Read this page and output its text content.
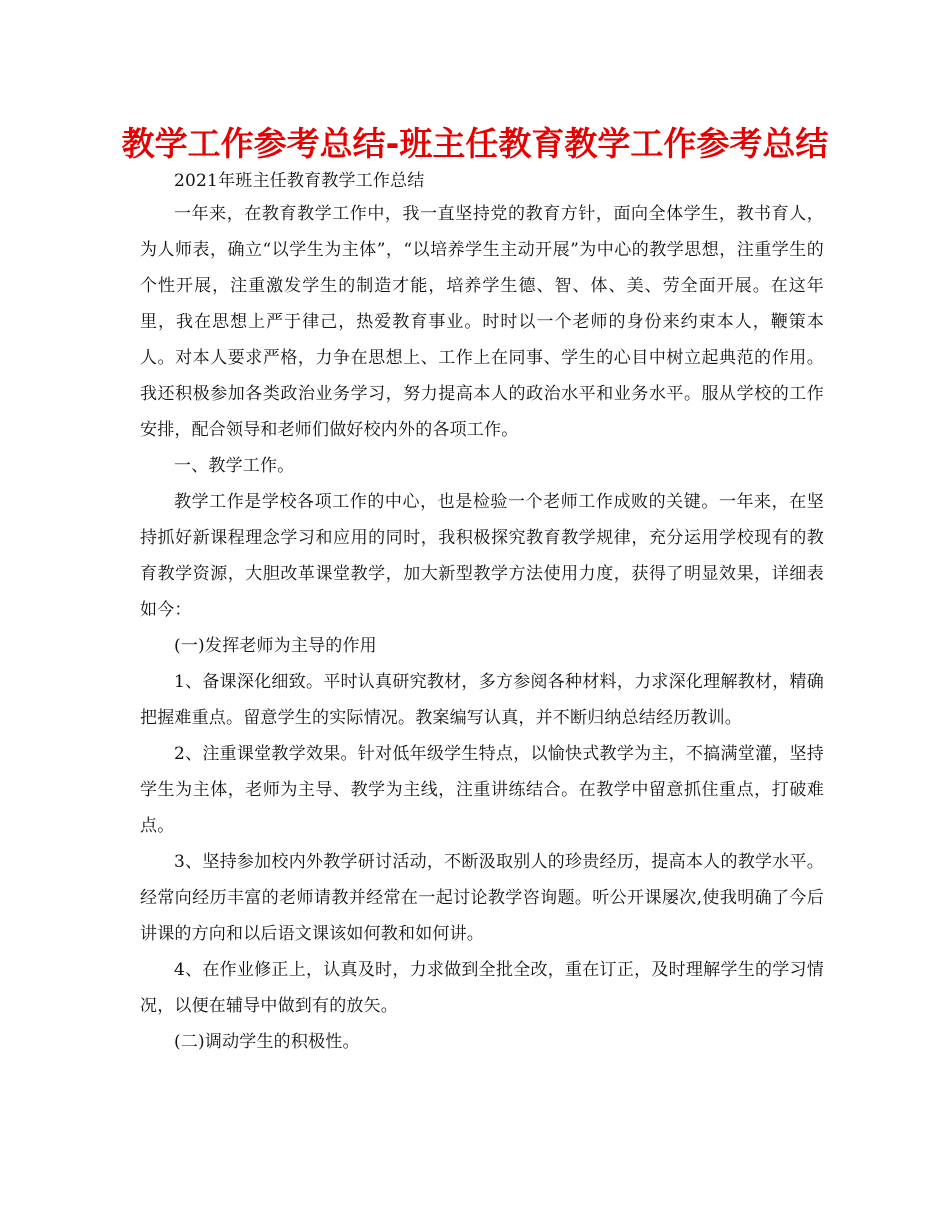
教学工作参考总结-班主任教育教学工作参考总结

2021年班主任教育教学工作总结

一年来，在教育教学工作中，我一直坚持党的教育方针，面向全体学生，教书育人，为人师表，确立“以学生为主体”，“以培养学生主动开展”为中心的教学思想，注重学生的个性开展，注重激发学生的制造才能，培养学生德、智、体、美、劳全面开展。在这年里，我在思想上严于律己，热爱教育事业。时时以一个老师的身份来约束本人，鞭策本人。对本人要求严格，力争在思想上、工作上在同事、学生的心目中树立起典范的作用。我还积极参加各类政治业务学习，努力提高本人的政治水平和业务水平。服从学校的工作安排，配合领导和老师们做好校内外的各项工作。

一、教学工作。

教学工作是学校各项工作的中心，也是检验一个老师工作成败的关键。一年来，在坚持抓好新课程理念学习和应用的同时，我积极探究教育教学规律，充分运用学校现有的教育教学资源，大胆改革课堂教学，加大新型教学方法使用力度，获得了明显效果，详细表如今：

(一)发挥老师为主导的作用

1、备课深化细致。平时认真研究教材，多方参阅各种材料，力求深化理解教材，精确把握难重点。留意学生的实际情况。教案编写认真，并不断归纳总结经历教训。

2、注重课堂教学效果。针对低年级学生特点，以愉快式教学为主，不搞满堂灌，坚持学生为主体，老师为主导、教学为主线，注重讲练结合。在教学中留意抓住重点，打破难点。

3、坚持参加校内外教学研讨活动，不断汲取别人的珍贵经历，提高本人的教学水平。经常向经历丰富的老师请教并经常在一起讨论教学咨询题。听公开课屡次,使我明确了今后讲课的方向和以后语文课该如何教和如何讲。

4、在作业修正上，认真及时，力求做到全批全改，重在订正，及时理解学生的学习情况，以便在辅导中做到有的放矢。

(二)调动学生的积极性。
